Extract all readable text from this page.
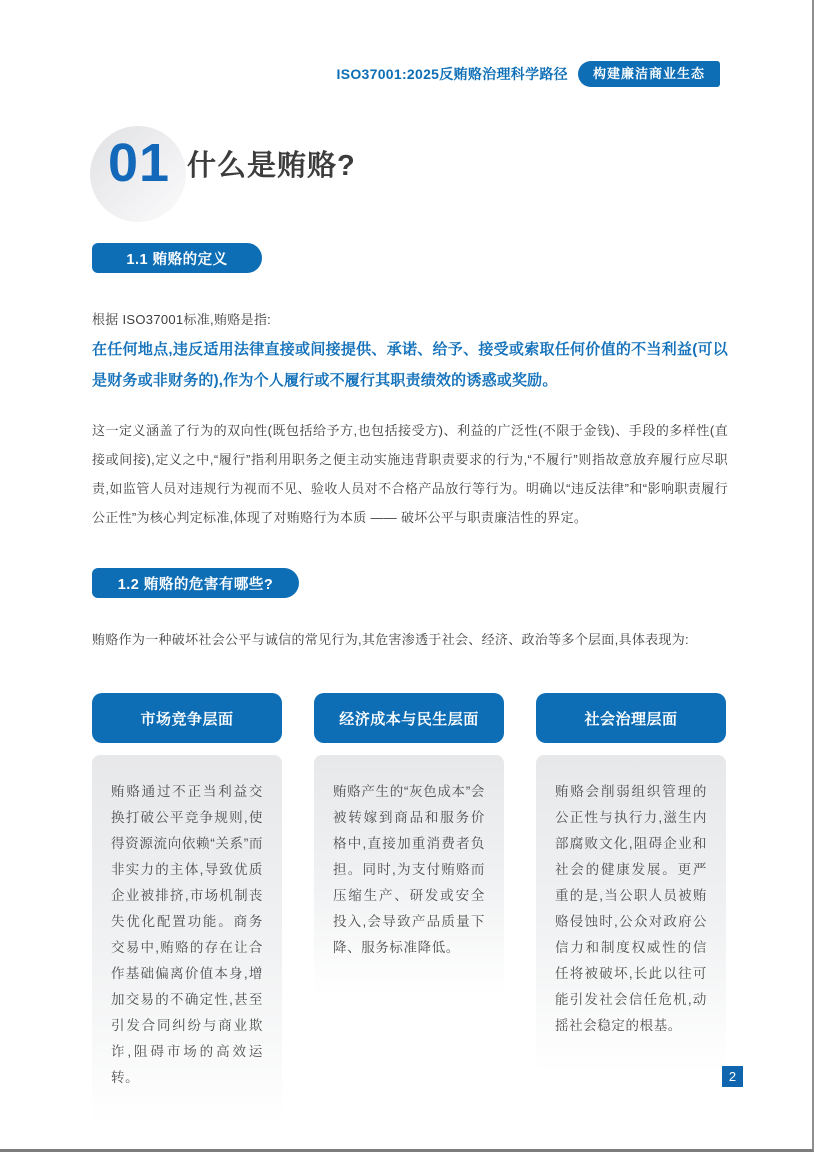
ISO37001:2025反贿赂治理科学路径	构建廉洁商业生态
01 什么是贿赂?
1.1 贿赂的定义

根据 ISO37001标准,贿赂是指:

在任何地点,违反适用法律直接或间接提供、承诺、给予、接受或索取任何价值的不当利益(可以是财务或非财务的),作为个人履行或不履行其职责绩效的诱惑或奖励。

这一定义涵盖了行为的双向性(既包括给予方,也包括接受方)、利益的广泛性(不限于金钱)、手段的多样性(直接或间接),定义之中,“履行”指利用职务之便主动实施违背职责要求的行为,“不履行”则指故意放弃履行应尽职责,如监管人员对违规行为视而不见、验收人员对不合格产品放行等行为。明确以“违反法律”和“影响职责履行公正性”为核心判定标准,体现了对贿赂行为本质 —— 破坏公平与职责廉洁性的界定。

1.2 贿赂的危害有哪些?

贿赂作为一种破坏社会公平与诚信的常见行为,其危害渗透于社会、经济、政治等多个层面,具体表现为:

市场竞争层面
贿赂通过不正当利益交换打破公平竞争规则,使得资源流向依赖“关系”而非实力的主体,导致优质企业被排挤,市场机制丧失优化配置功能。商务交易中,贿赂的存在让合作基础偏离价值本身,增加交易的不确定性,甚至引发合同纠纷与商业欺诈,阻碍市场的高效运转。
经济成本与民生层面
贿赂产生的“灰色成本”会被转嫁到商品和服务价格中,直接加重消费者负担。同时,为支付贿赂而压缩生产、研发或安全投入,会导致产品质量下降、服务标准降低。
社会治理层面
贿赂会削弱组织管理的公正性与执行力,滋生内部腐败文化,阻碍企业和社会的健康发展。更严重的是,当公职人员被贿赂侵蚀时,公众对政府公信力和制度权威性的信任将被破坏,长此以往可能引发社会信任危机,动摇社会稳定的根基。
2
